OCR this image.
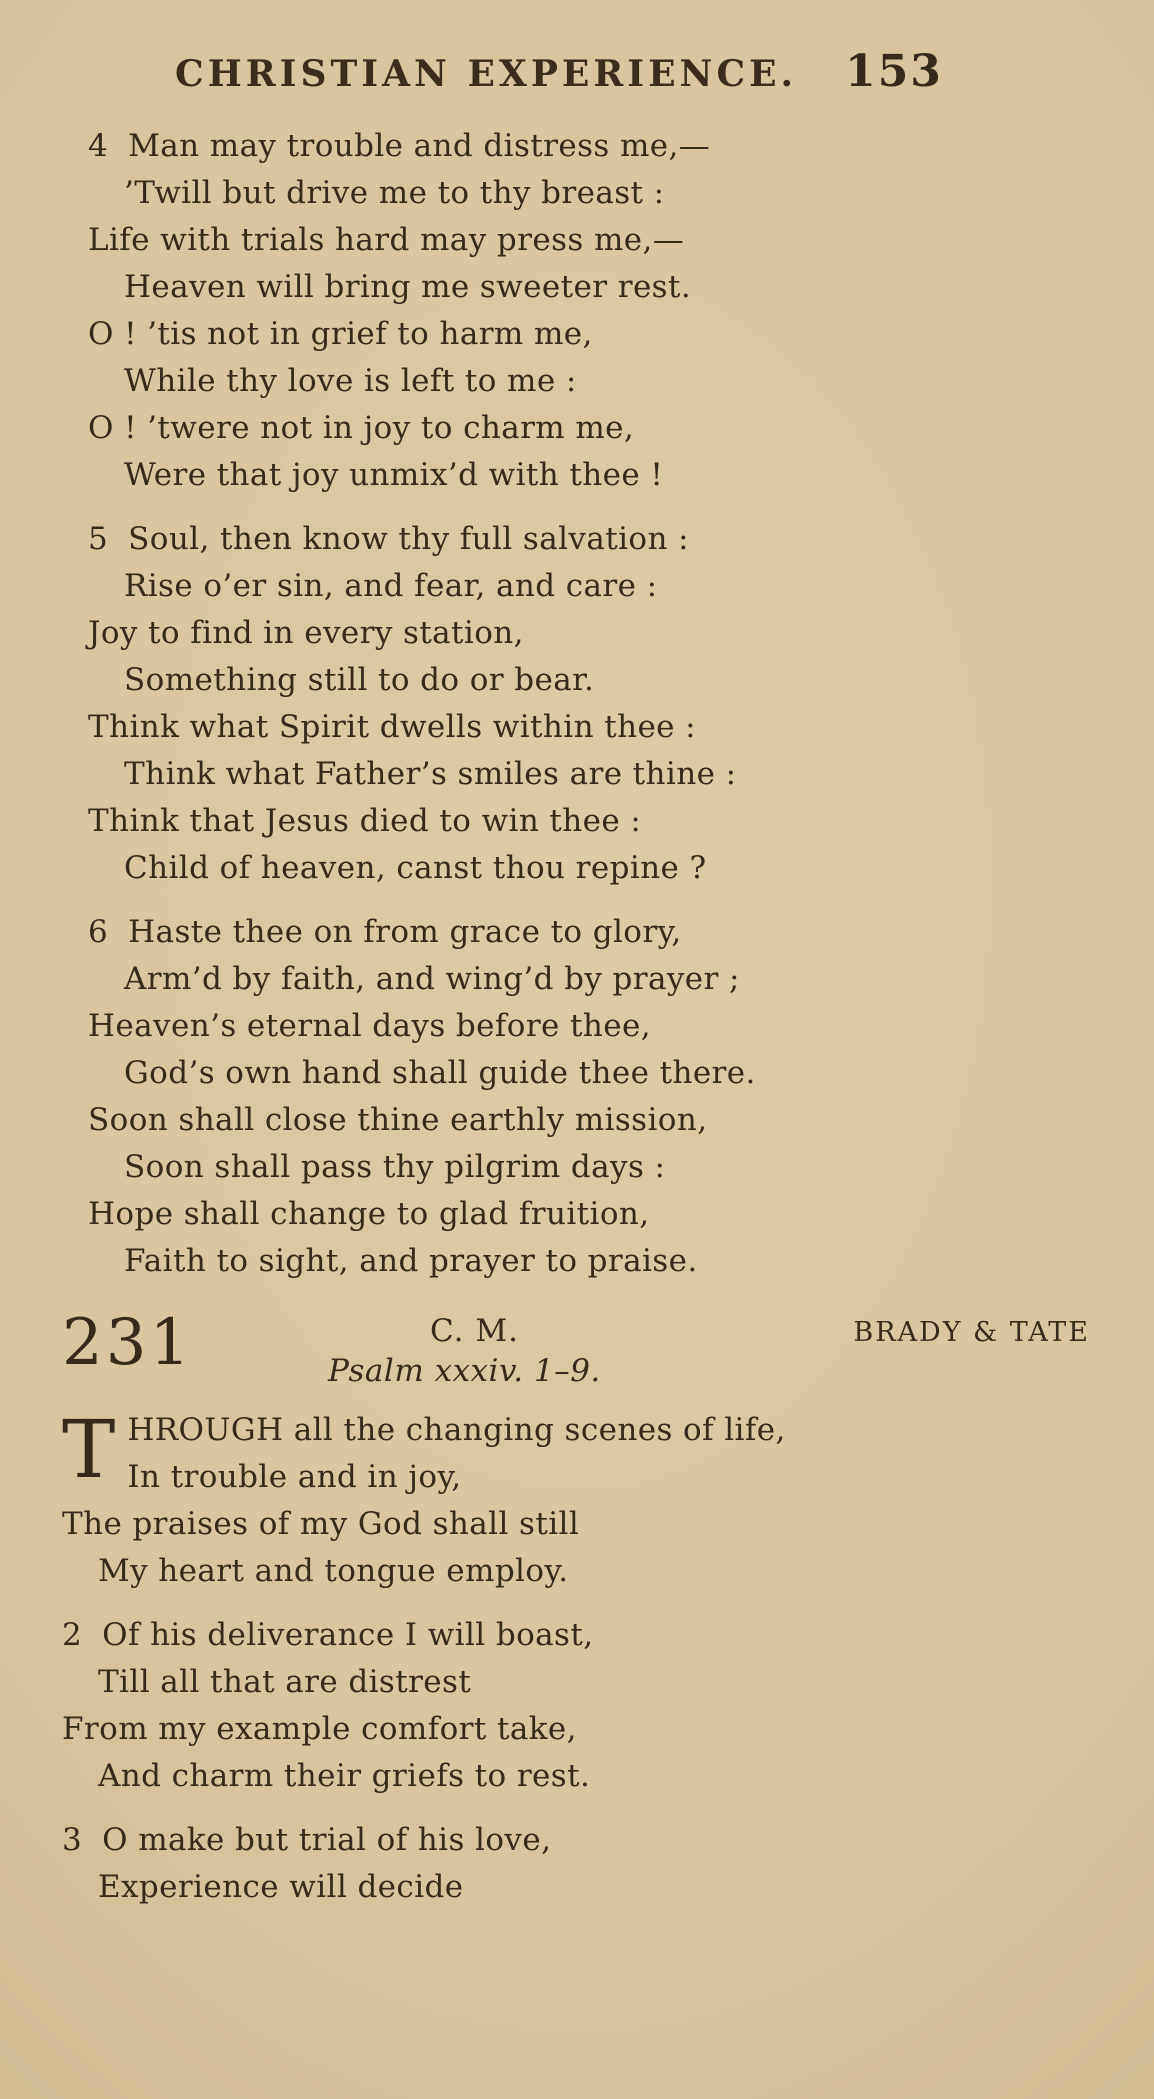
CHRISTIAN EXPERIENCE. 153
4 Man may trouble and distress me,—
’Twill but drive me to thy breast :
Life with trials hard may press me,—
Heaven will bring me sweeter rest.
O ! ’tis not in grief to harm me,
While thy love is left to me :
O ! ’twere not in joy to charm me,
Were that joy unmix’d with thee !
5 Soul, then know thy full salvation :
Rise o’er sin, and fear, and care :
Joy to find in every station,
Something still to do or bear.
Think what Spirit dwells within thee :
Think what Father’s smiles are thine :
Think that Jesus died to win thee :
Child of heaven, canst thou repine ?
6 Haste thee on from grace to glory,
Arm’d by faith, and wing’d by prayer ;
Heaven’s eternal days before thee,
God’s own hand shall guide thee there.
Soon shall close thine earthly mission,
Soon shall pass thy pilgrim days :
Hope shall change to glad fruition,
Faith to sight, and prayer to praise.
231	C. M.	BRADY & TATE
Psalm xxxiv. 1–9.
T HROUGH all the changing scenes of life,
In trouble and in joy,
The praises of my God shall still
My heart and tongue employ.
2 Of his deliverance I will boast,
Till all that are distrest
From my example comfort take,
And charm their griefs to rest.
3 O make but trial of his love,
Experience will decide
